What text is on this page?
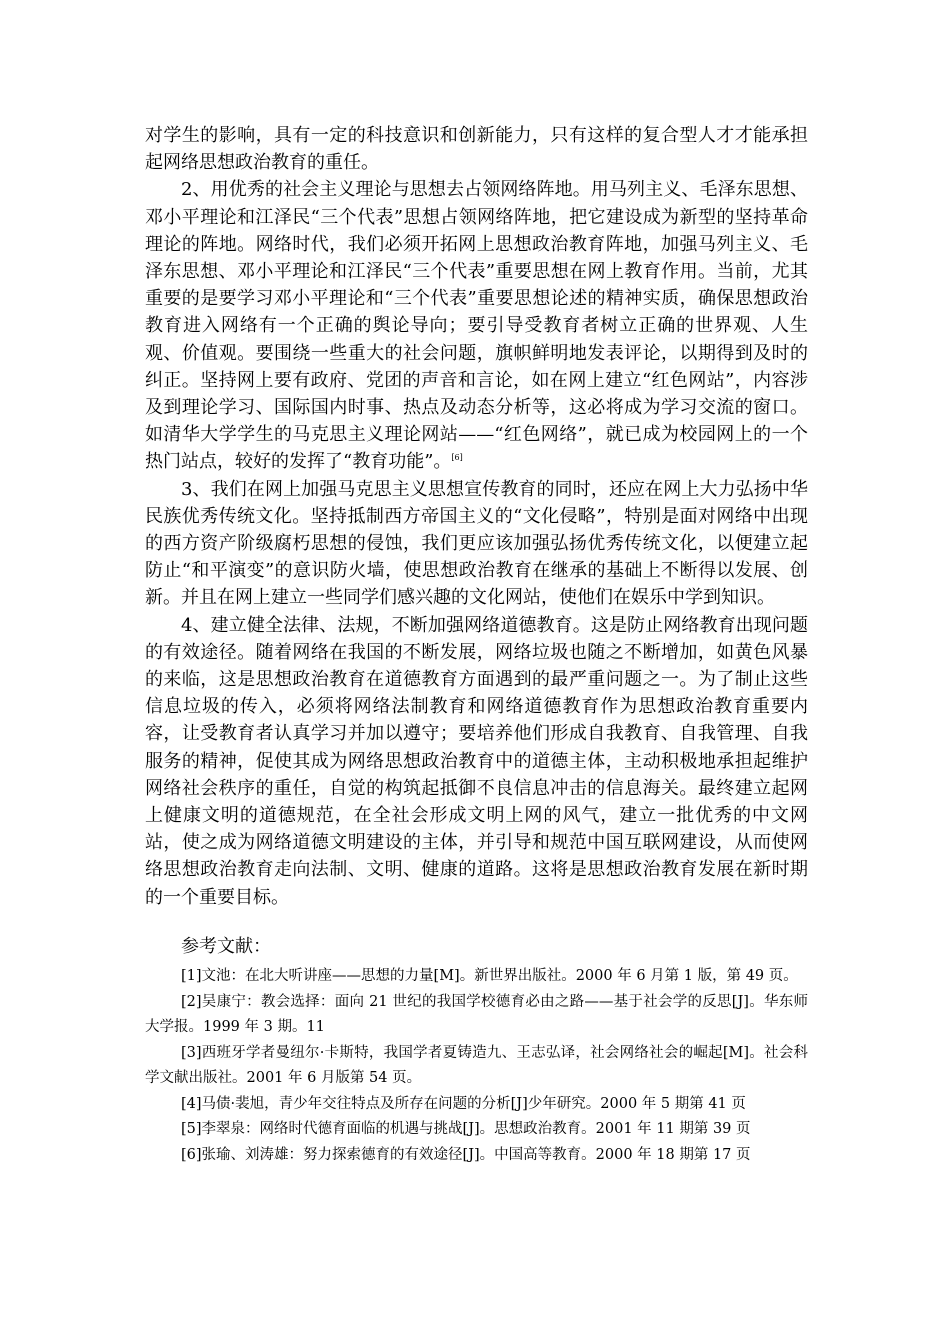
对学生的影响，具有一定的科技意识和创新能力，只有这样的复合型人才才能承担起网络思想政治教育的重任。

2、用优秀的社会主义理论与思想去占领网络阵地。用马列主义、毛泽东思想、邓小平理论和江泽民“三个代表”思想占领网络阵地，把它建设成为新型的坚持革命理论的阵地。网络时代，我们必须开拓网上思想政治教育阵地，加强马列主义、毛泽东思想、邓小平理论和江泽民“三个代表”重要思想在网上教育作用。当前，尤其重要的是要学习邓小平理论和“三个代表”重要思想论述的精神实质，确保思想政治教育进入网络有一个正确的舆论导向；要引导受教育者树立正确的世界观、人生观、价值观。要围绕一些重大的社会问题，旗帜鲜明地发表评论，以期得到及时的纠正。坚持网上要有政府、党团的声音和言论，如在网上建立“红色网站”，内容涉及到理论学习、国际国内时事、热点及动态分析等，这必将成为学习交流的窗口。如清华大学学生的马克思主义理论网站——“红色网络”，就已成为校园网上的一个热门站点，较好的发挥了“教育功能”。[6]

3、我们在网上加强马克思主义思想宣传教育的同时，还应在网上大力弘扬中华民族优秀传统文化。坚持抵制西方帝国主义的“文化侵略”，特别是面对网络中出现的西方资产阶级腐朽思想的侵蚀，我们更应该加强弘扬优秀传统文化，以便建立起防止“和平演变”的意识防火墙，使思想政治教育在继承的基础上不断得以发展、创新。并且在网上建立一些同学们感兴趣的文化网站，使他们在娱乐中学到知识。

4、建立健全法律、法规，不断加强网络道德教育。这是防止网络教育出现问题的有效途径。随着网络在我国的不断发展，网络垃圾也随之不断增加，如黄色风暴的来临，这是思想政治教育在道德教育方面遇到的最严重问题之一。为了制止这些信息垃圾的传入，必须将网络法制教育和网络道德教育作为思想政治教育重要内容，让受教育者认真学习并加以遵守；要培养他们形成自我教育、自我管理、自我服务的精神，促使其成为网络思想政治教育中的道德主体，主动积极地承担起维护网络社会秩序的重任，自觉的构筑起抵御不良信息冲击的信息海关。最终建立起网上健康文明的道德规范，在全社会形成文明上网的风气，建立一批优秀的中文网站，使之成为网络道德文明建设的主体，并引导和规范中国互联网建设，从而使网络思想政治教育走向法制、文明、健康的道路。这将是思想政治教育发展在新时期的一个重要目标。

参考文献：

[1]文池：在北大听讲座——思想的力量[M]。新世界出版社。2000 年 6 月第 1 版，第 49 页。

[2]吴康宁：教会选择：面向 21 世纪的我国学校德育必由之路——基于社会学的反思[J]。华东师大学报。1999 年 3 期。11

[3]西班牙学者曼纽尔·卡斯特，我国学者夏铸造九、王志弘译，社会网络社会的崛起[M]。社会科学文献出版社。2001 年 6 月版第 54 页。

[4]马债·裴旭，青少年交往特点及所存在问题的分析[J]少年研究。2000 年 5 期第 41 页

[5]李翠泉：网络时代德育面临的机遇与挑战[J]。思想政治教育。2001 年 11 期第 39 页

[6]张瑜、刘涛雄：努力探索德育的有效途径[J]。中国高等教育。2000 年 18 期第 17 页
